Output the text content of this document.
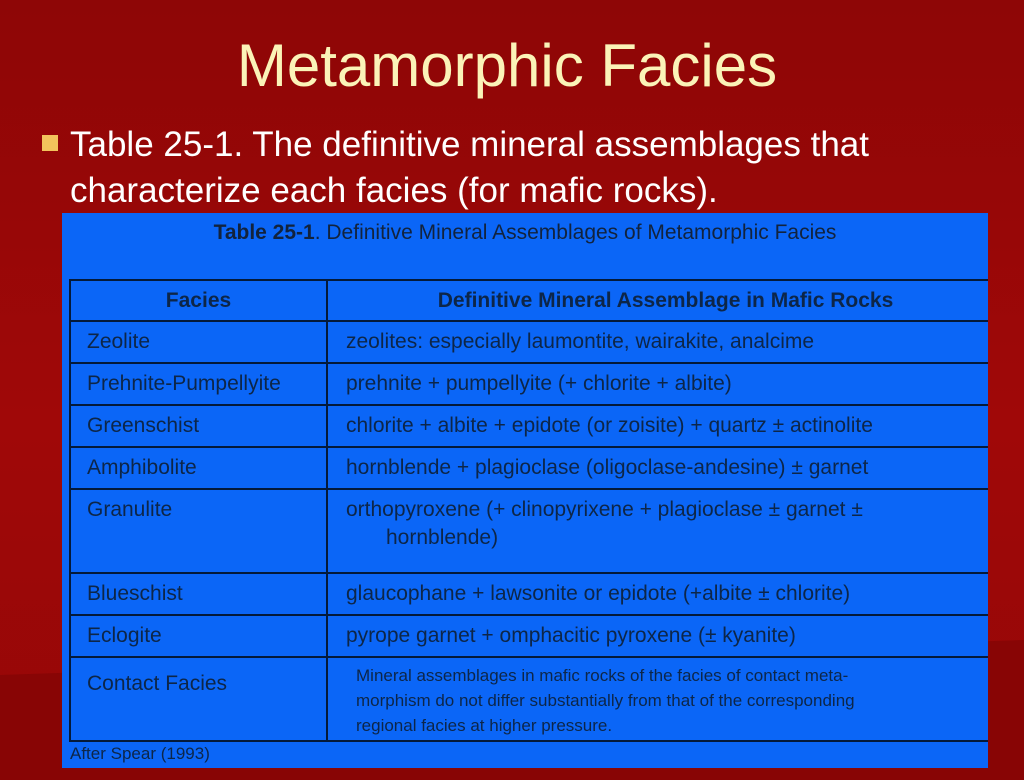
Metamorphic Facies
Table 25-1. The definitive mineral assemblages that characterize each facies (for mafic rocks).
Table 25-1. Definitive Mineral Assemblages of Metamorphic Facies
Facies	Definitive Mineral Assemblage in Mafic Rocks
Zeolite	zeolites: especially laumontite, wairakite, analcime
Prehnite-Pumpellyite	prehnite + pumpellyite (+ chlorite + albite)
Greenschist	chlorite + albite + epidote (or zoisite) + quartz ± actinolite
Amphibolite	hornblende + plagioclase (oligoclase-andesine) ± garnet
Granulite	orthopyroxene (+ clinopyrixene + plagioclase ± garnet ±
hornblende)

Blueschist	glaucophane + lawsonite or epidote (+albite ± chlorite)
Eclogite	pyrope garnet + omphacitic pyroxene (± kyanite)
Contact Facies	Mineral assemblages in mafic rocks of the facies of contact meta-
morphism do not differ substantially from that of the corresponding
regional facies at higher pressure.
After Spear (1993)
